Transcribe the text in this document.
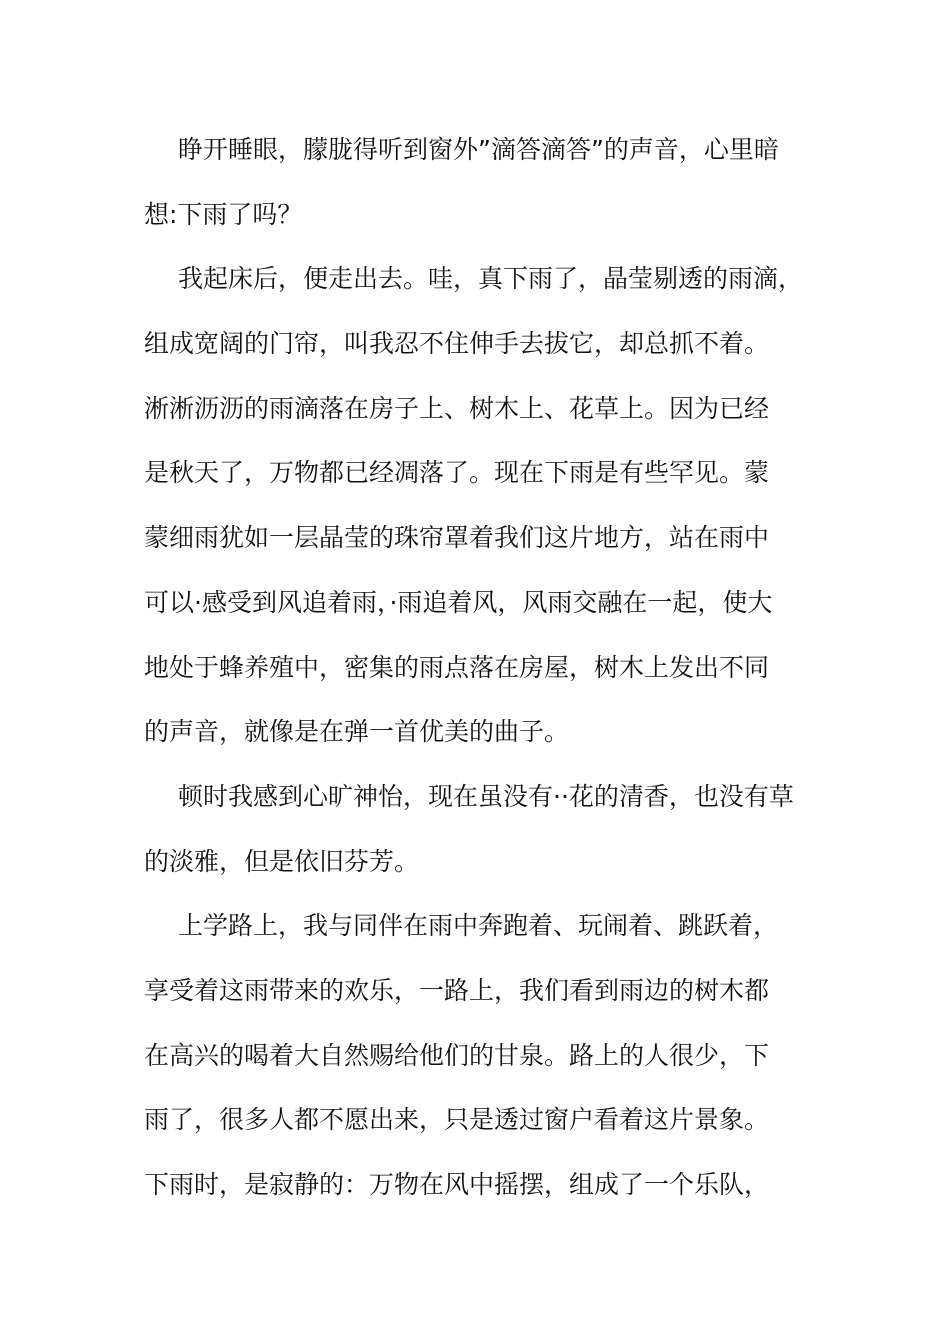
睁开睡眼，朦胧得听到窗外”滴答滴答”的声音，心里暗
想:下雨了吗？
我起床后，便走出去。哇，真下雨了，晶莹剔透的雨滴，
组成宽阔的门帘，叫我忍不住伸手去拔它，却总抓不着。
淅淅沥沥的雨滴落在房子上、树木上、花草上。因为已经
是秋天了，万物都已经凋落了。现在下雨是有些罕见。蒙
蒙细雨犹如一层晶莹的珠帘罩着我们这片地方，站在雨中
可以·感受到风追着雨，·雨追着风，风雨交融在一起，使大
地处于蜂养殖中，密集的雨点落在房屋，树木上发出不同
的声音，就像是在弹一首优美的曲子。
顿时我感到心旷神怡，现在虽没有··花的清香，也没有草
的淡雅，但是依旧芬芳。
上学路上，我与同伴在雨中奔跑着、玩闹着、跳跃着，
享受着这雨带来的欢乐，一路上，我们看到雨边的树木都
在高兴的喝着大自然赐给他们的甘泉。路上的人很少，下
雨了，很多人都不愿出来，只是透过窗户看着这片景象。
下雨时，是寂静的：万物在风中摇摆，组成了一个乐队，
